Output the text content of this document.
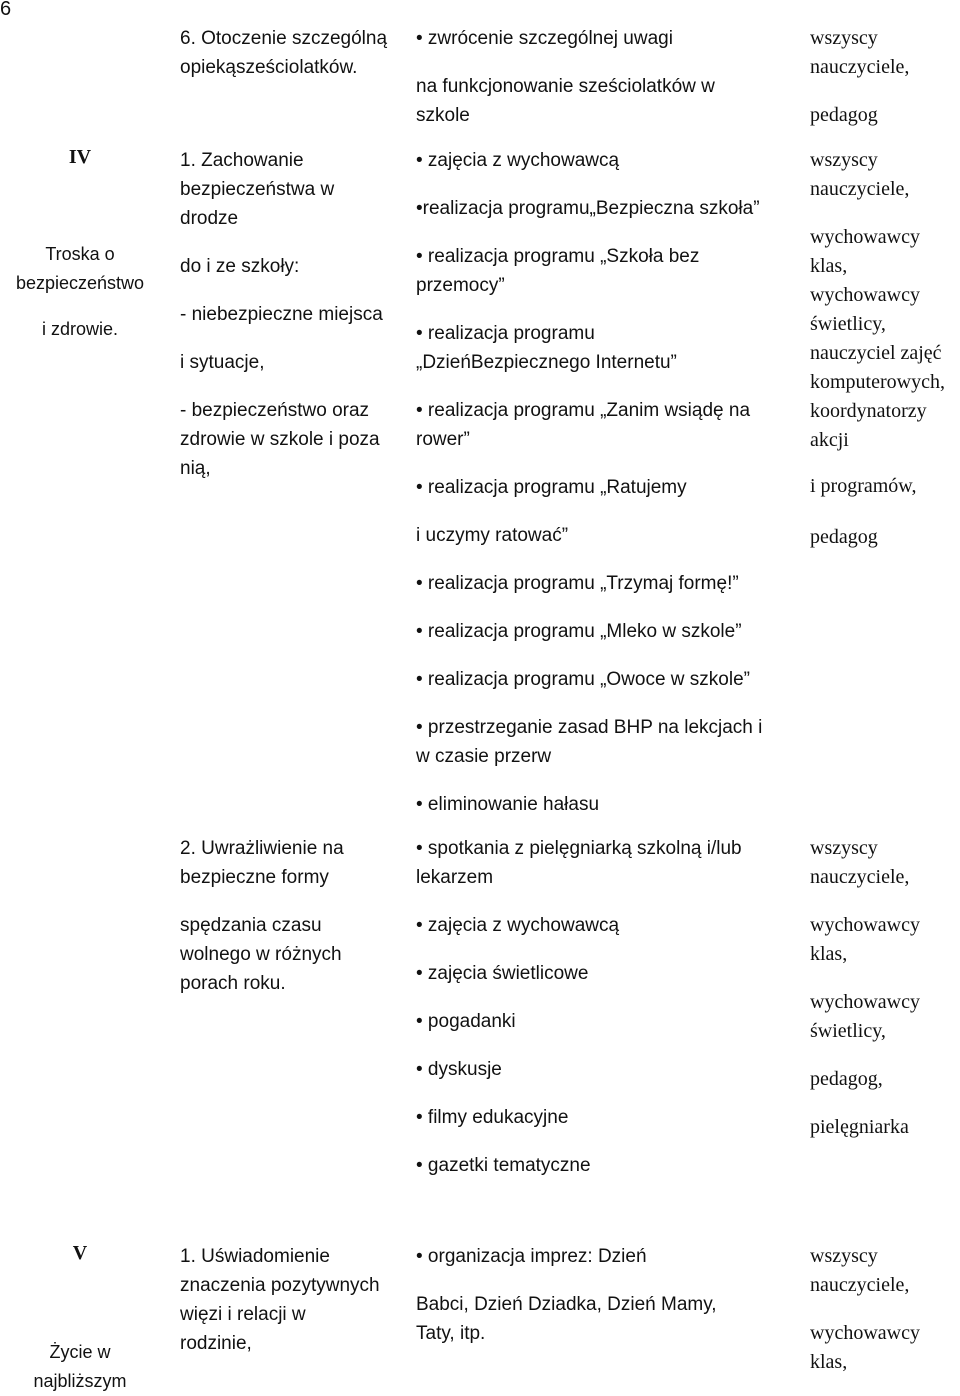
6

6. Otoczenie szczególną

opiekąsześciolatków.

• zwrócenie szczególnej uwagi

na funkcjonowanie sześciolatków w

szkole

wszyscy

nauczyciele,

pedagog

IV

Troska o

bezpieczeństwo

i zdrowie.

1. Zachowanie

bezpieczeństwa w

drodze

do i ze szkoły:

- niebezpieczne miejsca

i sytuacje,

- bezpieczeństwo oraz

zdrowie w szkole i poza

nią,

• zajęcia z wychowawcą

•realizacja programu„Bezpieczna szkoła”

• realizacja programu „Szkoła bez

przemocy”

• realizacja programu

„DzieńBezpiecznego Internetu”

• realizacja programu „Zanim wsiądę na

rower”

• realizacja programu „Ratujemy

i uczymy ratować”

• realizacja programu „Trzymaj formę!”

• realizacja programu „Mleko w szkole”

• realizacja programu „Owoce w szkole”

• przestrzeganie zasad BHP na lekcjach i

w czasie przerw

• eliminowanie hałasu

wszyscy

nauczyciele,

wychowawcy

klas,

wychowawcy

świetlicy,

nauczyciel zajęć

komputerowych,

koordynatorzy

akcji

i programów,

pedagog

2. Uwrażliwienie na

bezpieczne formy

spędzania czasu

wolnego w różnych

porach roku.

• spotkania z pielęgniarką szkolną i/lub

lekarzem

• zajęcia z wychowawcą

• zajęcia świetlicowe

• pogadanki

• dyskusje

• filmy edukacyjne

• gazetki tematyczne

wszyscy

nauczyciele,

wychowawcy

klas,

wychowawcy

świetlicy,

pedagog,

pielęgniarka

V

Życie w

najbliższym

1. Uświadomienie

znaczenia pozytywnych

więzi i relacji w

rodzinie,

• organizacja imprez: Dzień

Babci, Dzień Dziadka, Dzień Mamy,

Taty, itp.

wszyscy

nauczyciele,

wychowawcy

klas,
